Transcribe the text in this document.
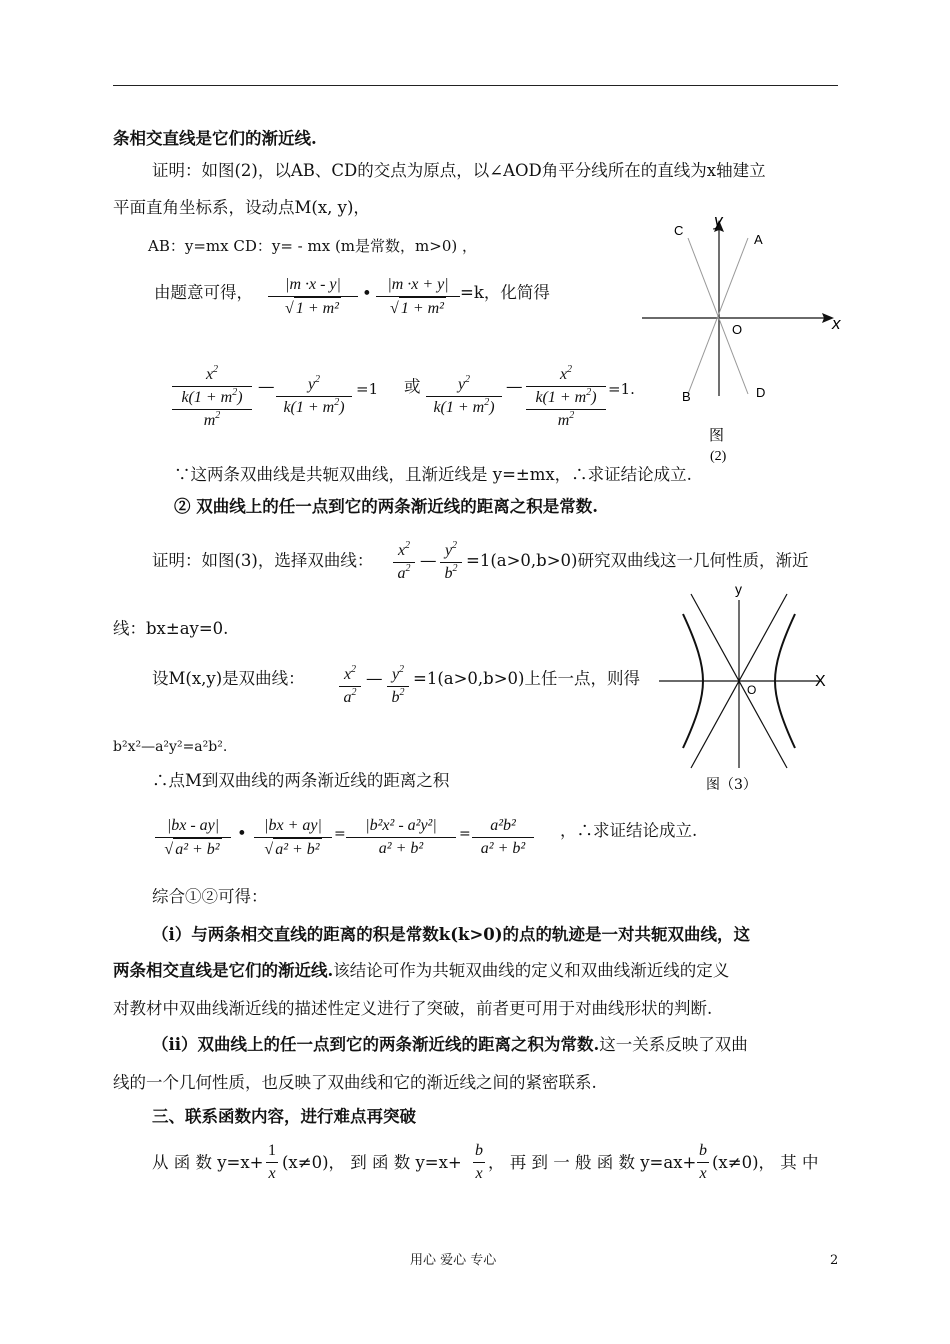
条相交直线是它们的渐近线.
证明：如图(2)，以AB、CD的交点为原点，以∠AOD角平分线所在的直线为x轴建立
平面直角坐标系，设动点M(x, y)，
AB：y=mx CD：y= - mx (m是常数，m>0) ，
由题意可得， |m ·x - y|
√ 1 + m²
• |m ·x + y|
√ 1 + m²
=k，化简得
$x^2$
$k(1 + m^2)$
$m^2$
— $y^2$
$k(1 + m^2)$
=1 或 $y^2$
$k(1 + m^2)$
—
$x^2$
$k(1 + m^2)$
$m^2$
=1.
C
A
B	D
O	x
y
图
(2)
∵这两条双曲线是共轭双曲线，且渐近线是 y=±mx，∴求证结论成立.
② 双曲线上的任一点到它的两条渐近线的距离之积是常数.
证明：如图(3)，选择双曲线：
$x^2$
$a^2$ —
$y^2$
$b^2 =1(a>0,b>0)$研究双曲线这一几何性质，渐近
线：bx±ay=0.
设M(x,y)是双曲线： $x^2$
$a^2$
— $y^2$
$b^2$
=1(a>0,b>0)上任一点，则得
y
X
O
图（3）
b²x²—a²y²=a²b².
∴点M到双曲线的两条渐近线的距离之积
|bx - ay|
√ a² + b²
• |bx + ay|
√ a² + b²
= |b²x² - a²y²|
a² + b²
= a²b²
a² + b²
，∴求证结论成立.
综合①②可得：
（ⅰ）与两条相交直线的距离的积是常数k(k>0)的点的轨迹是一对共轭双曲线，这
两条相交直线是它们的渐近线.该结论可作为共轭双曲线的定义和双曲线渐近线的定义
对教材中双曲线渐近线的描述性定义进行了突破，前者更可用于对曲线形状的判断.
（ⅱ）双曲线上的任一点到它的两条渐近线的距离之积为常数.这一关系反映了双曲
线的一个几何性质，也反映了双曲线和它的渐近线之间的紧密联系.
三、联系函数内容，进行难点再突破
从 函 数 y=x+
1
x
(x≠0)， 到 函 数 y=x+
b
x
， 再 到 一 般 函 数 y=ax+
b
x
(x≠0)， 其 中
用心 爱心 专心	2
